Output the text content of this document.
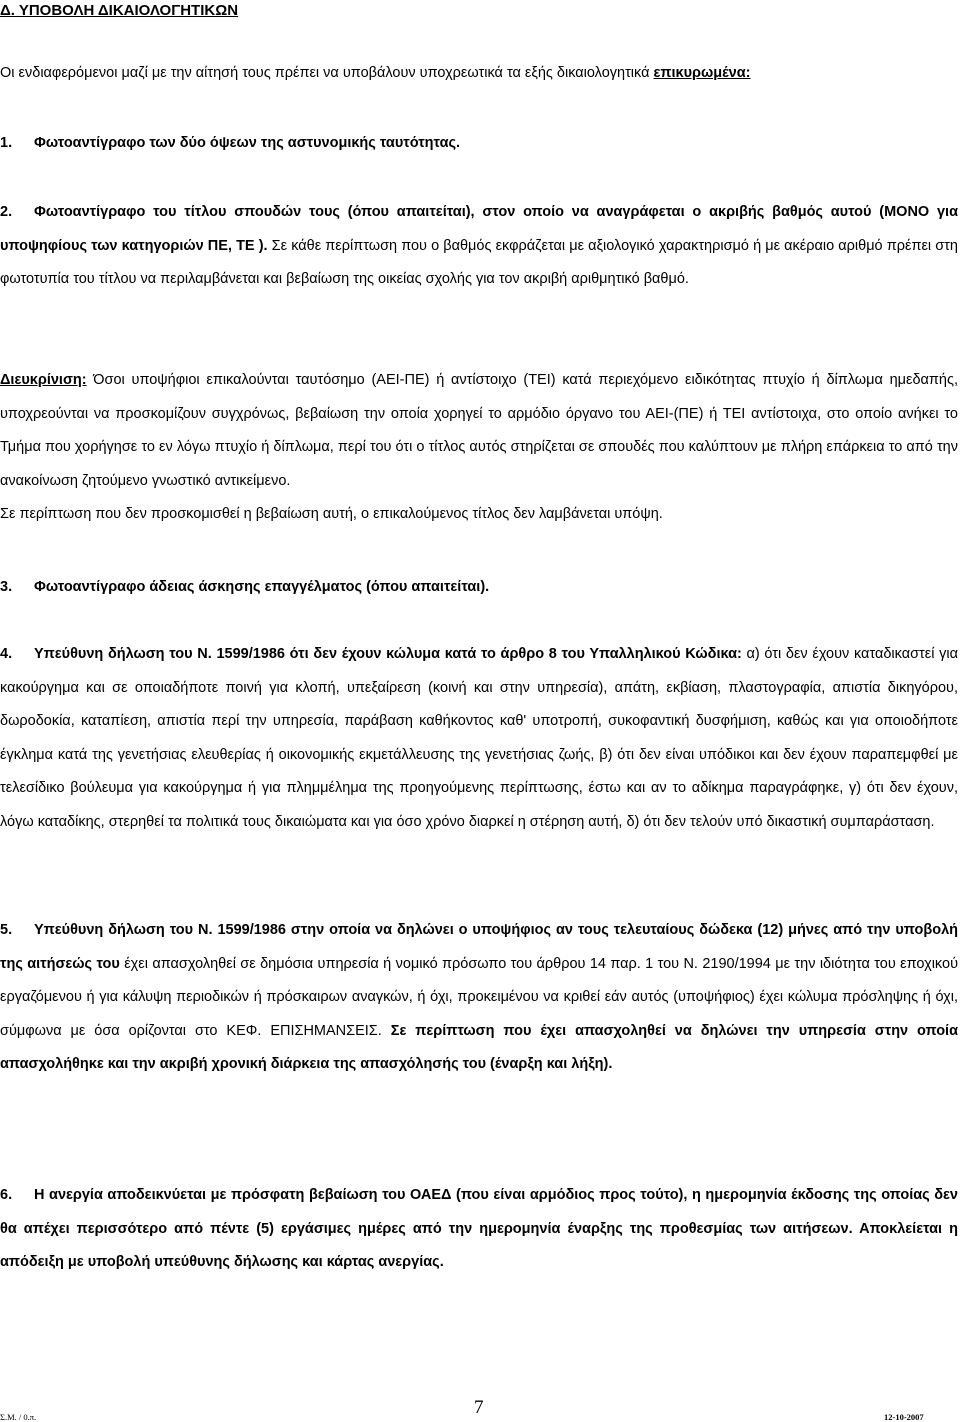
Δ. ΥΠΟΒΟΛΗ ΔΙΚΑΙΟΛΟΓΗΤΙΚΩΝ
Οι ενδιαφερόμενοι μαζί με την αίτησή τους πρέπει να υποβάλουν υποχρεωτικά τα εξής δικαιολογητικά επικυρωμένα:
1. Φωτοαντίγραφο των δύο όψεων της αστυνομικής ταυτότητας.
2. Φωτοαντίγραφο του τίτλου σπουδών τους (όπου απαιτείται), στον οποίο να αναγράφεται ο ακριβής βαθμός αυτού (ΜΟΝΟ για υποψηφίους των κατηγοριών ΠΕ, ΤΕ ). Σε κάθε περίπτωση που ο βαθμός εκφράζεται με αξιολογικό χαρακτηρισμό ή με ακέραιο αριθμό πρέπει στη φωτοτυπία του τίτλου να περιλαμβάνεται και βεβαίωση της οικείας σχολής για τον ακριβή αριθμητικό βαθμό.
Διευκρίνιση: Όσοι υποψήφιοι επικαλούνται ταυτόσημο (ΑΕΙ-ΠΕ) ή αντίστοιχο (ΤΕΙ) κατά περιεχόμενο ειδικότητας πτυχίο ή δίπλωμα ημεδαπής, υποχρεούνται να προσκομίζουν συγχρόνως, βεβαίωση την οποία χορηγεί το αρμόδιο όργανο του ΑΕΙ-(ΠΕ) ή ΤΕΙ αντίστοιχα, στο οποίο ανήκει το Τμήμα που χορήγησε το εν λόγω πτυχίο ή δίπλωμα, περί του ότι ο τίτλος αυτός στηρίζεται σε σπουδές που καλύπτουν με πλήρη επάρκεια το από την ανακοίνωση ζητούμενο γνωστικό αντικείμενο.
Σε περίπτωση που δεν προσκομισθεί η βεβαίωση αυτή, ο επικαλούμενος τίτλος δεν λαμβάνεται υπόψη.
3. Φωτοαντίγραφο άδειας άσκησης επαγγέλματος (όπου απαιτείται).
4. Υπεύθυνη δήλωση του Ν. 1599/1986 ότι δεν έχουν κώλυμα κατά το άρθρο 8 του Υπαλληλικού Κώδικα: α) ότι δεν έχουν καταδικαστεί για κακούργημα και σε οποιαδήποτε ποινή για κλοπή, υπεξαίρεση (κοινή και στην υπηρεσία), απάτη, εκβίαση, πλαστογραφία, απιστία δικηγόρου, δωροδοκία, καταπίεση, απιστία περί την υπηρεσία, παράβαση καθήκοντος καθ' υποτροπή, συκοφαντική δυσφήμιση, καθώς και για οποιοδήποτε έγκλημα κατά της γενετήσιας ελευθερίας ή οικονομικής εκμετάλλευσης της γενετήσιας ζωής, β) ότι δεν είναι υπόδικοι και δεν έχουν παραπεμφθεί με τελεσίδικο βούλευμα για κακούργημα ή για πλημμέλημα της προηγούμενης περίπτωσης, έστω και αν το αδίκημα παραγράφηκε, γ) ότι δεν έχουν, λόγω καταδίκης, στερηθεί τα πολιτικά τους δικαιώματα και για όσο χρόνο διαρκεί η στέρηση αυτή, δ) ότι δεν τελούν υπό δικαστική συμπαράσταση.
5. Υπεύθυνη δήλωση του Ν. 1599/1986 στην οποία να δηλώνει ο υποψήφιος αν τους τελευταίους δώδεκα (12) μήνες από την υποβολή της αιτήσεώς του έχει απασχοληθεί σε δημόσια υπηρεσία ή νομικό πρόσωπο του άρθρου 14 παρ. 1 του Ν. 2190/1994 με την ιδιότητα του εποχικού εργαζόμενου ή για κάλυψη περιοδικών ή πρόσκαιρων αναγκών, ή όχι, προκειμένου να κριθεί εάν αυτός (υποψήφιος) έχει κώλυμα πρόσληψης ή όχι, σύμφωνα με όσα ορίζονται στο ΚΕΦ. ΕΠΙΣΗΜΑΝΣΕΙΣ. Σε περίπτωση που έχει απασχοληθεί να δηλώνει την υπηρεσία στην οποία απασχολήθηκε και την ακριβή χρονική διάρκεια της απασχόλησής του (έναρξη και λήξη).
6. Η ανεργία αποδεικνύεται με πρόσφατη βεβαίωση του ΟΑΕΔ (που είναι αρμόδιος προς τούτο), η ημερομηνία έκδοσης της οποίας δεν θα απέχει περισσότερο από πέντε (5) εργάσιμες ημέρες από την ημερομηνία έναρξης της προθεσμίας των αιτήσεων. Αποκλείεται η απόδειξη με υποβολή υπεύθυνης δήλωσης και κάρτας ανεργίας.
Σ.Μ. / 0.π.	7	12-10-2007
